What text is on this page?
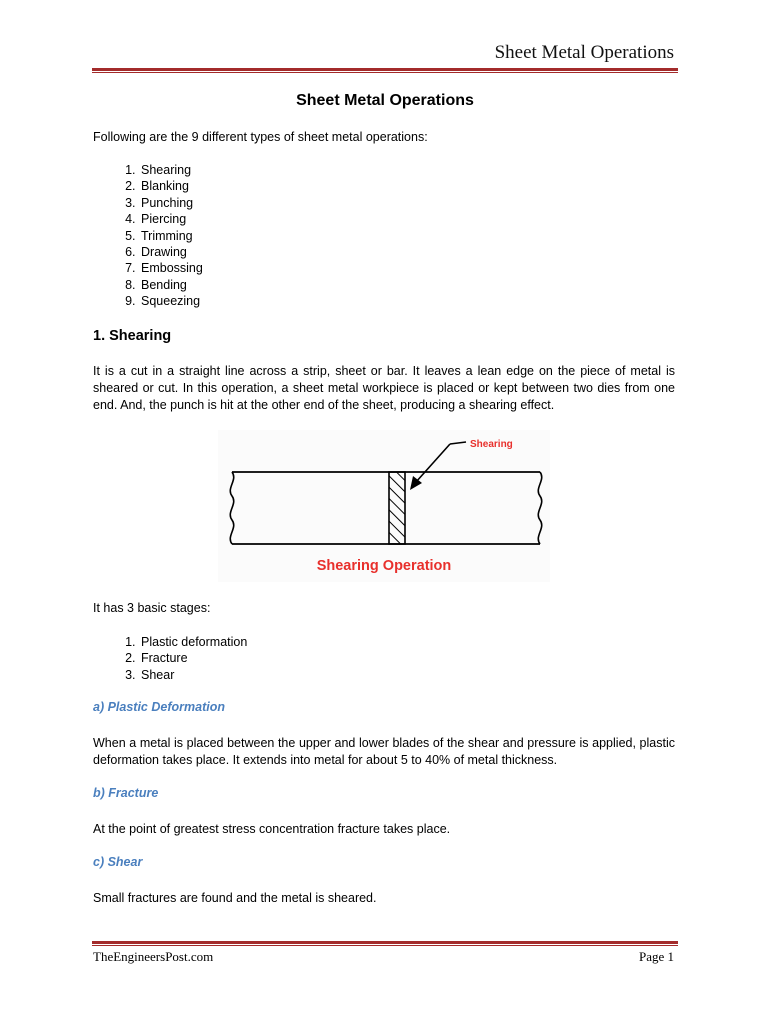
Sheet Metal Operations
Sheet Metal Operations
Following are the 9 different types of sheet metal operations:
1. Shearing
2. Blanking
3. Punching
4. Piercing
5. Trimming
6. Drawing
7. Embossing
8. Bending
9. Squeezing
1. Shearing
It is a cut in a straight line across a strip, sheet or bar. It leaves a lean edge on the piece of metal is sheared or cut. In this operation, a sheet metal workpiece is placed or kept between two dies from one end. And, the punch is hit at the other end of the sheet, producing a shearing effect.
Shearing
Shearing Operation
It has 3 basic stages:
1. Plastic deformation
2. Fracture
3. Shear
a) Plastic Deformation
When a metal is placed between the upper and lower blades of the shear and pressure is applied, plastic deformation takes place. It extends into metal for about 5 to 40% of metal thickness.
b) Fracture
At the point of greatest stress concentration fracture takes place.
c) Shear
Small fractures are found and the metal is sheared.
TheEngineersPost.com	Page 1
